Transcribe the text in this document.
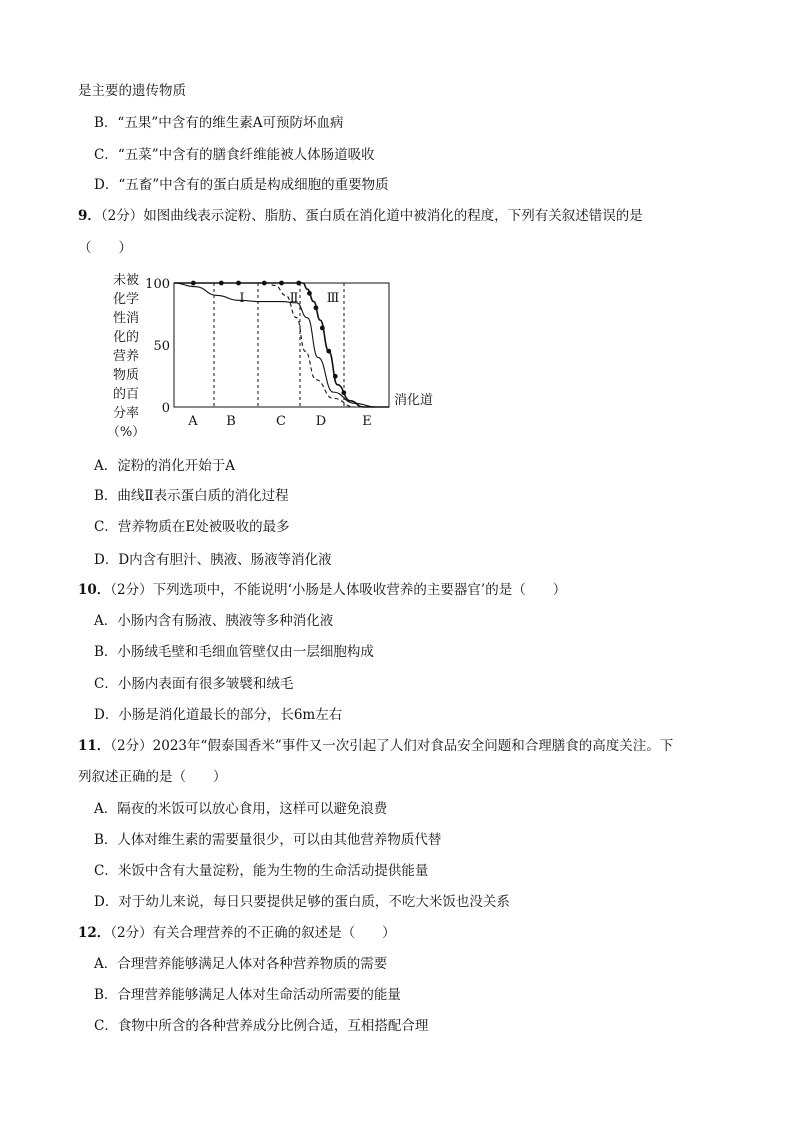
是主要的遗传物质
B．“五果”中含有的维生素A可预防坏血病
C．“五菜”中含有的膳食纤维能被人体肠道吸收
D．“五畜”中含有的蛋白质是构成细胞的重要物质
9．（2分）如图曲线表示淀粉、脂肪、蛋白质在消化道中被消化的程度，下列有关叙述错误的是
（　　）
未被
化学
性消
化的
营养
物质
的百
分率
（%）
100
50
0
Ⅰ	Ⅱ Ⅲ
A B	C D	E
消化道
A．淀粉的消化开始于A
B．曲线Ⅱ表示蛋白质的消化过程
C．营养物质在E处被吸收的最多
D．D内含有胆汁、胰液、肠液等消化液
10．（2分）下列选项中，不能说明‘小肠是人体吸收营养的主要器官’的是（　　）
A．小肠内含有肠液、胰液等多种消化液
B．小肠绒毛壁和毛细血管壁仅由一层细胞构成
C．小肠内表面有很多皱襞和绒毛
D．小肠是消化道最长的部分，长6m左右
11．（2分）2023年“假泰国香米”事件又一次引起了人们对食品安全问题和合理膳食的高度关注。下
列叙述正确的是（　　）
A．隔夜的米饭可以放心食用，这样可以避免浪费
B．人体对维生素的需要量很少，可以由其他营养物质代替
C．米饭中含有大量淀粉，能为生物的生命活动提供能量
D．对于幼儿来说，每日只要提供足够的蛋白质，不吃大米饭也没关系
12．（2分）有关合理营养的不正确的叙述是（　　）
A．合理营养能够满足人体对各种营养物质的需要
B．合理营养能够满足人体对生命活动所需要的能量
C．食物中所含的各种营养成分比例合适，互相搭配合理
